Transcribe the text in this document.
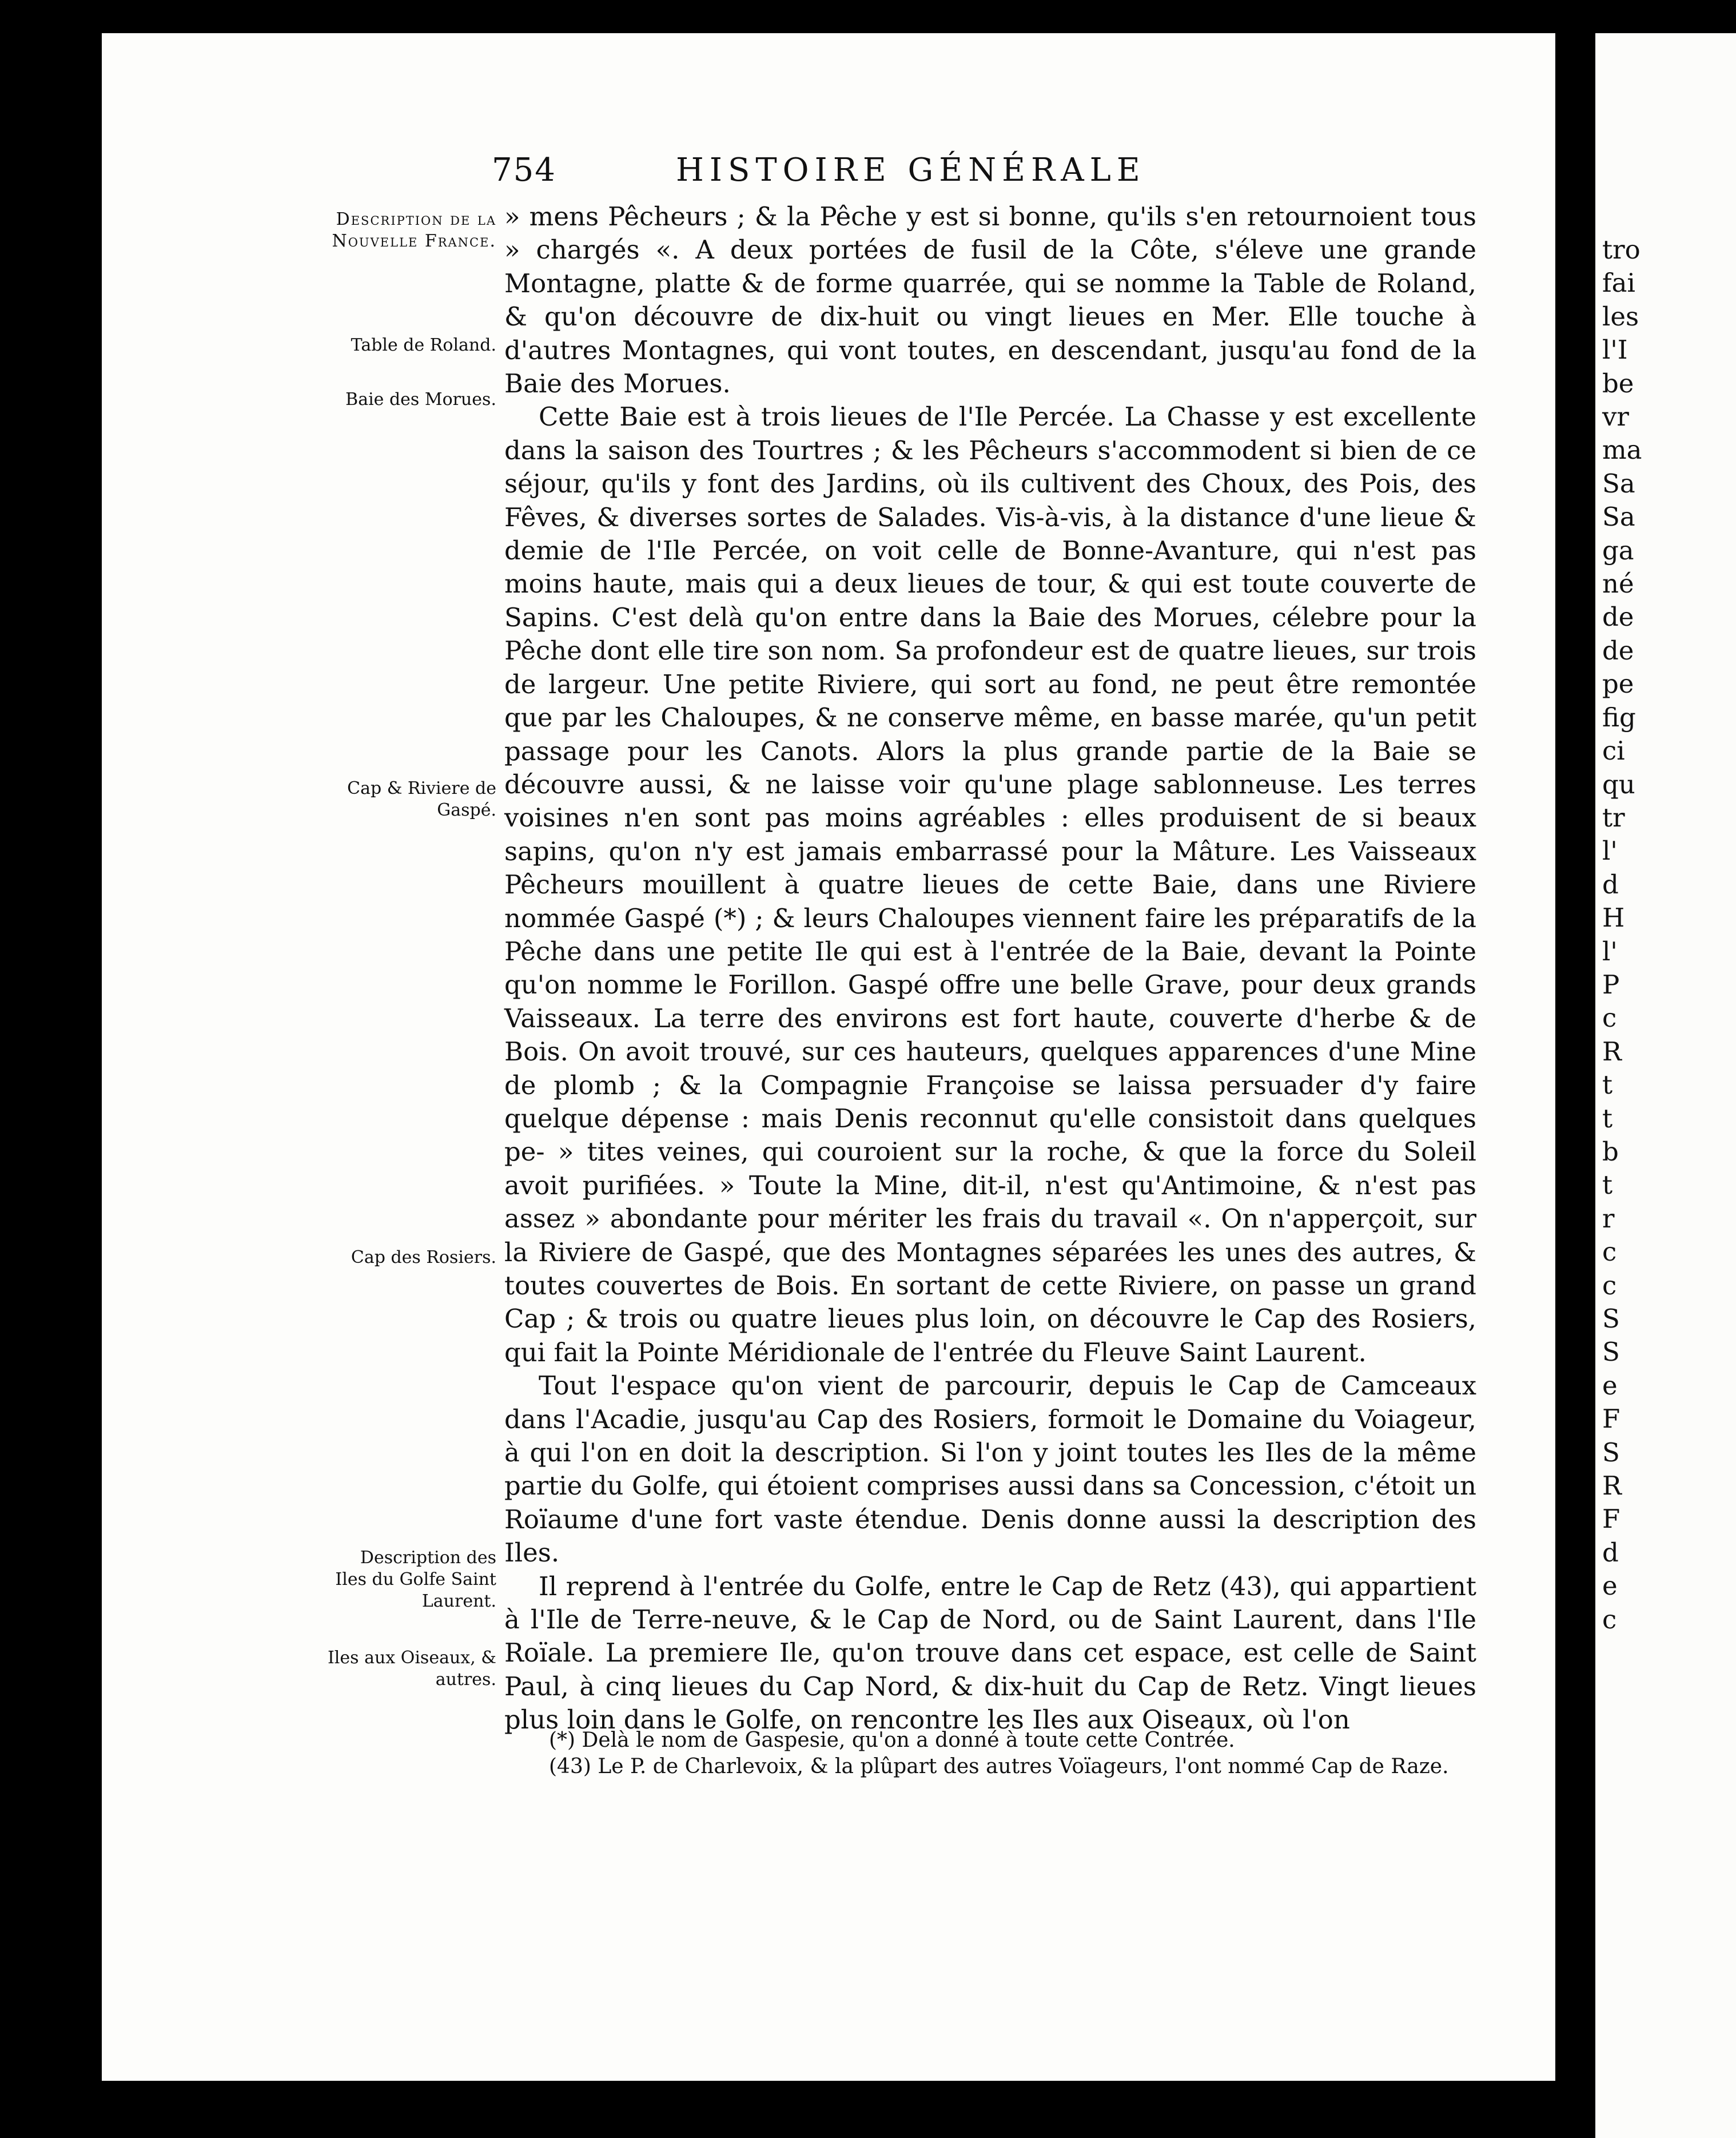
754	HISTOIRE GÉNÉRALE
Description de la Nouvelle France.
Table de Roland.
Baie des Morues.
Cap & Riviere de Gaspé.
Cap des Rosiers.
Description des Iles du Golfe Saint Laurent.
Iles aux Oiseaux, & autres.

» mens Pêcheurs ; & la Pêche y est si bonne, qu'ils s'en retournoient tous » chargés «. A deux portées de fusil de la Côte, s'éleve une grande Montagne, platte & de forme quarrée, qui se nomme la Table de Roland, & qu'on découvre de dix-huit ou vingt lieues en Mer. Elle touche à d'autres Montagnes, qui vont toutes, en descendant, jusqu'au fond de la Baie des Morues.

Cette Baie est à trois lieues de l'Ile Percée. La Chasse y est excellente dans la saison des Tourtres ; & les Pêcheurs s'accommodent si bien de ce séjour, qu'ils y font des Jardins, où ils cultivent des Choux, des Pois, des Fêves, & diverses sortes de Salades. Vis-à-vis, à la distance d'une lieue & demie de l'Ile Percée, on voit celle de Bonne-Avanture, qui n'est pas moins haute, mais qui a deux lieues de tour, & qui est toute couverte de Sapins. C'est delà qu'on entre dans la Baie des Morues, célebre pour la Pêche dont elle tire son nom. Sa profondeur est de quatre lieues, sur trois de largeur. Une petite Riviere, qui sort au fond, ne peut être remontée que par les Chaloupes, & ne conserve même, en basse marée, qu'un petit passage pour les Canots. Alors la plus grande partie de la Baie se découvre aussi, & ne laisse voir qu'une plage sablonneuse. Les terres voisines n'en sont pas moins agréables : elles produisent de si beaux sapins, qu'on n'y est jamais embarrassé pour la Mâture. Les Vaisseaux Pêcheurs mouillent à quatre lieues de cette Baie, dans une Riviere nommée Gaspé (*) ; & leurs Chaloupes viennent faire les préparatifs de la Pêche dans une petite Ile qui est à l'entrée de la Baie, devant la Pointe qu'on nomme le Forillon. Gaspé offre une belle Grave, pour deux grands Vaisseaux. La terre des environs est fort haute, couverte d'herbe & de Bois. On avoit trouvé, sur ces hauteurs, quelques apparences d'une Mine de plomb ; & la Compagnie Françoise se laissa persuader d'y faire quelque dépense : mais Denis reconnut qu'elle consistoit dans quelques pe- » tites veines, qui couroient sur la roche, & que la force du Soleil avoit purifiées. » Toute la Mine, dit-il, n'est qu'Antimoine, & n'est pas assez » abondante pour mériter les frais du travail «. On n'apperçoit, sur la Riviere de Gaspé, que des Montagnes séparées les unes des autres, & toutes couvertes de Bois. En sortant de cette Riviere, on passe un grand Cap ; & trois ou quatre lieues plus loin, on découvre le Cap des Rosiers, qui fait la Pointe Méridionale de l'entrée du Fleuve Saint Laurent.

Tout l'espace qu'on vient de parcourir, depuis le Cap de Camceaux dans l'Acadie, jusqu'au Cap des Rosiers, formoit le Domaine du Voiageur, à qui l'on en doit la description. Si l'on y joint toutes les Iles de la même partie du Golfe, qui étoient comprises aussi dans sa Concession, c'étoit un Roïaume d'une fort vaste étendue. Denis donne aussi la description des Iles.

Il reprend à l'entrée du Golfe, entre le Cap de Retz (43), qui appartient à l'Ile de Terre-neuve, & le Cap de Nord, ou de Saint Laurent, dans l'Ile Roïale. La premiere Ile, qu'on trouve dans cet espace, est celle de Saint Paul, à cinq lieues du Cap Nord, & dix-huit du Cap de Retz. Vingt lieues plus loin dans le Golfe, on rencontre les Iles aux Oiseaux, où l'on

(*) Delà le nom de Gaspesie, qu'on a donné à toute cette Contrée.
(43) Le P. de Charlevoix, & la plûpart des autres Voïageurs, l'ont nommé Cap de Raze.
tro
fai
les
l'I
be
vr
ma
Sa
Sa
ga
né
de
de
pe
fig
ci
qu
tr
l'
d
H
l'
P
c
R
t
t
b
t
r
c
c
S
S
e
F
S
R
F
d
e
c
